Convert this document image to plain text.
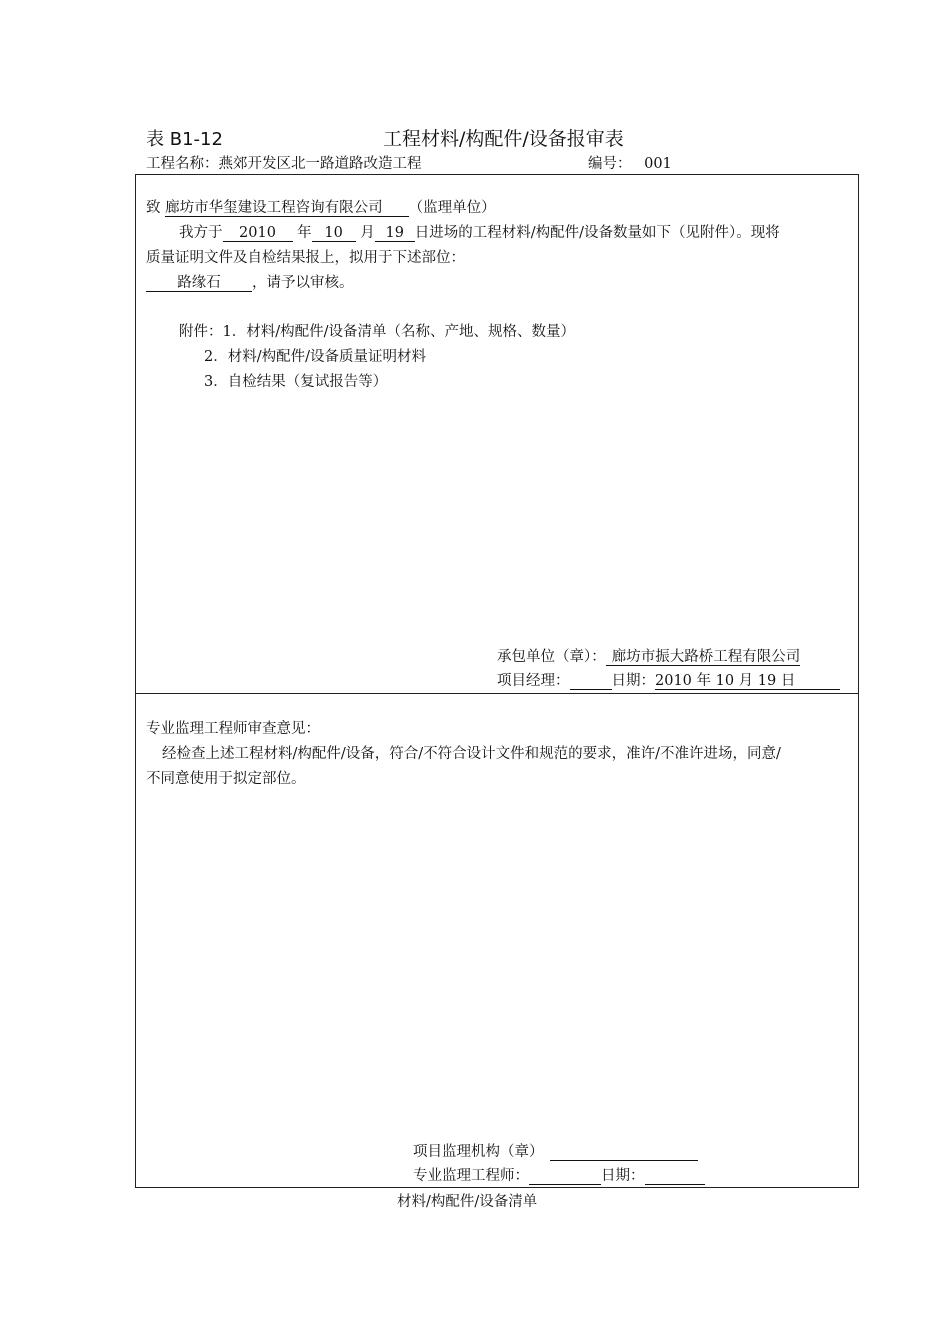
表 B1-12	工程材料/构配件/设备报审表
工程名称：燕郊开发区北一路道路改造工程	编号： 001
致 廊坊市华玺建设工程咨询有限公司 （监理单位）
我方于 2010 年 10 月 19 日进场的工程材料/构配件/设备数量如下（见附件）。现将
质量证明文件及自检结果报上，拟用于下述部位：
路缘石 ，请予以审核。
附件：1．材料/构配件/设备清单（名称、产地、规格、数量）
2．材料/构配件/设备质量证明材料
3．自检结果（复试报告等）
承包单位（章）： 廊坊市振大路桥工程有限公司
项目经理：	日期：2010 年 10 月 19 日
专业监理工程师审查意见：
经检查上述工程材料/构配件/设备，符合/不符合设计文件和规范的要求，准许/不准许进场，同意/
不同意使用于拟定部位。
项目监理机构（章）
专业监理工程师：	日期：
材料/构配件/设备清单
